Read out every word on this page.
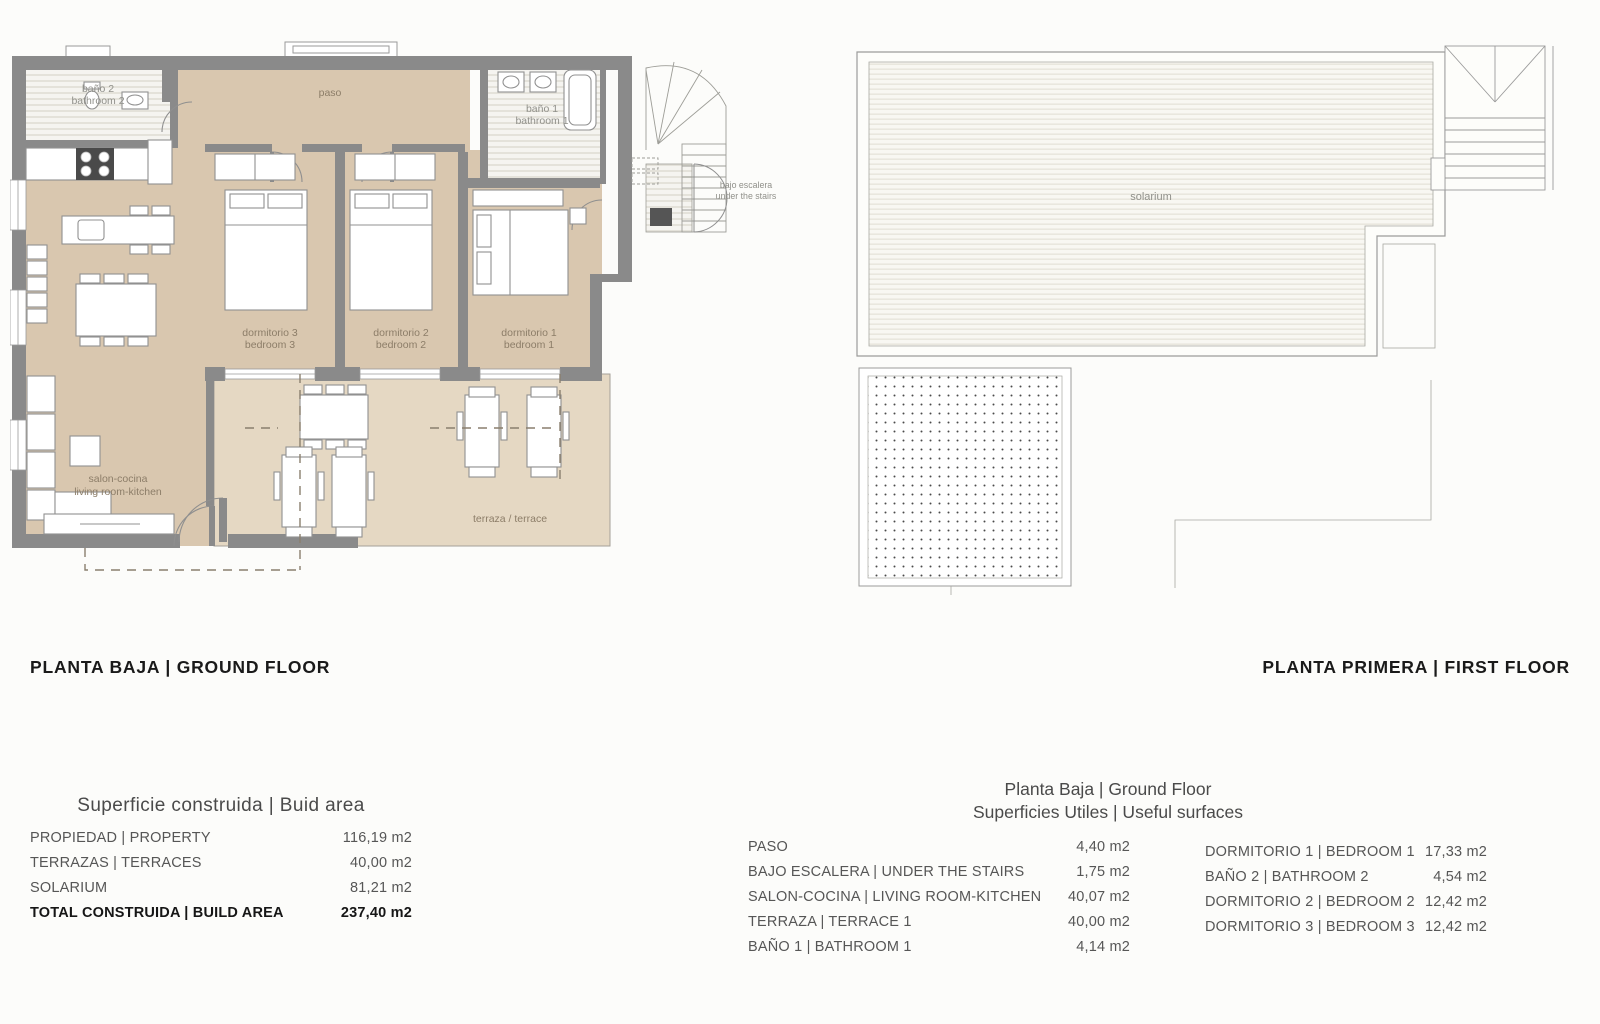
baño 2
bathroom 2
paso
baño 1
bathroom 1
bajo escalera
under the stairs
dormitorio 3
bedroom 3
dormitorio 2
bedroom 2
dormitorio 1
bedroom 1
salon-cocina
living room-kitchen
terraza / terrace
solarium
PLANTA BAJA | GROUND FLOOR	PLANTA PRIMERA | FIRST FLOOR
Superficie construida | Buid area
PROPIEDAD | PROPERTY	116,19 m2
TERRAZAS | TERRACES	40,00 m2
SOLARIUM	81,21 m2
TOTAL CONSTRUIDA | BUILD AREA	237,40 m2
Planta Baja | Ground Floor
Superficies Utiles | Useful surfaces
PASO	4,40 m2
BAJO ESCALERA | UNDER THE STAIRS	1,75 m2
SALON-COCINA | LIVING ROOM-KITCHEN 40,07 m2
TERRAZA | TERRACE 1	40,00 m2
BAÑO 1 | BATHROOM 1	4,14 m2
DORMITORIO 1 | BEDROOM 1 17,33 m2
BAÑO 2 | BATHROOM 2	4,54 m2
DORMITORIO 2 | BEDROOM 2 12,42 m2
DORMITORIO 3 | BEDROOM 3 12,42 m2
